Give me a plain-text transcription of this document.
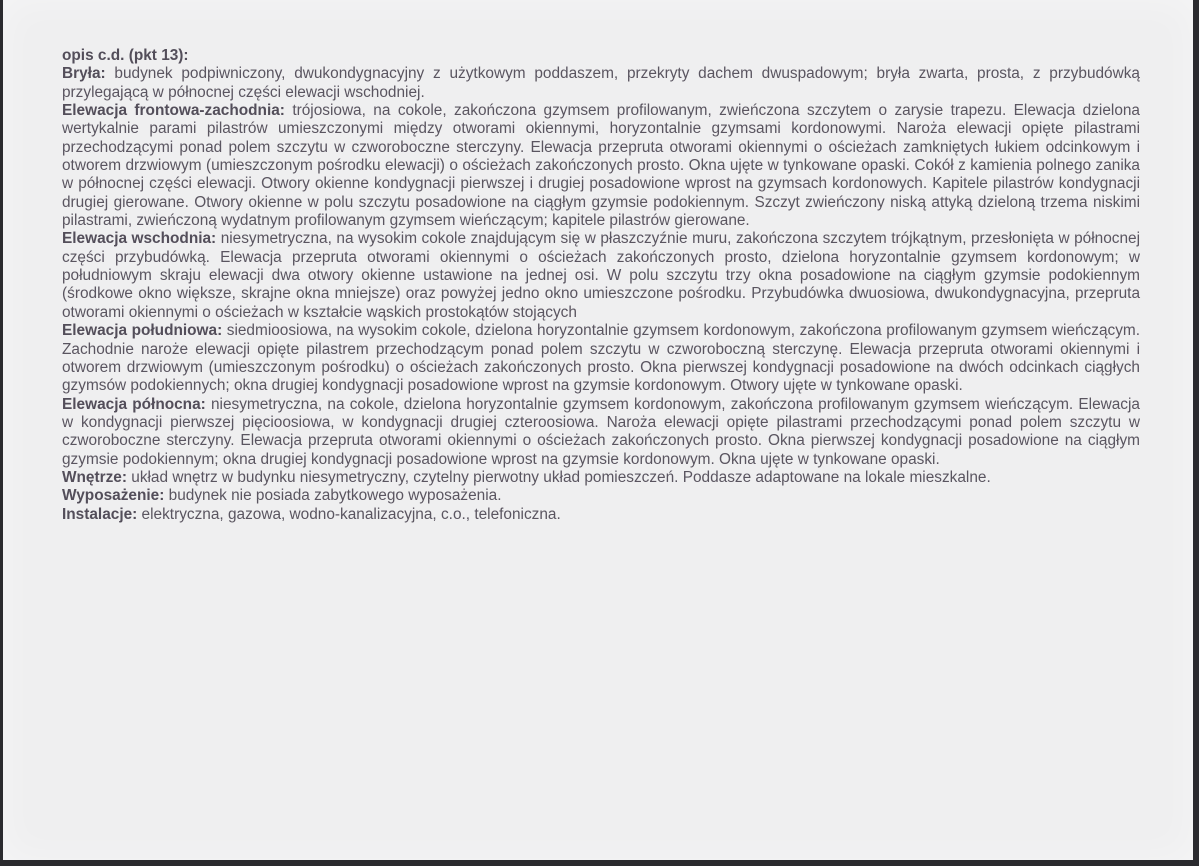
opis c.d. (pkt 13):

Bryła: budynek podpiwniczony, dwukondygnacyjny z użytkowym poddaszem, przekryty dachem dwuspadowym; bryła zwarta, prosta, z przybudówką przylegającą w północnej części elewacji wschodniej.

Elewacja frontowa-zachodnia: trójosiowa, na cokole, zakończona gzymsem profilowanym, zwieńczona szczytem o zarysie trapezu. Elewacja dzielona wertykalnie parami pilastrów umieszczonymi między otworami okiennymi, horyzontalnie gzymsami kordonowymi. Naroża elewacji opięte pilastrami przechodzącymi ponad polem szczytu w czworoboczne sterczyny. Elewacja przepruta otworami okiennymi o ościeżach zamkniętych łukiem odcinkowym i otworem drzwiowym (umieszczonym pośrodku elewacji) o ościeżach zakończonych prosto. Okna ujęte w tynkowane opaski. Cokół z kamienia polnego zanika w północnej części elewacji. Otwory okienne kondygnacji pierwszej i drugiej posadowione wprost na gzymsach kordonowych. Kapitele pilastrów kondygnacji drugiej gierowane. Otwory okienne w polu szczytu posadowione na ciągłym gzymsie podokiennym. Szczyt zwieńczony niską attyką dzieloną trzema niskimi pilastrami, zwieńczoną wydatnym profilowanym gzymsem wieńczącym; kapitele pilastrów gierowane.

Elewacja wschodnia: niesymetryczna, na wysokim cokole znajdującym się w płaszczyźnie muru, zakończona szczytem trójkątnym, przesłonięta w północnej części przybudówką. Elewacja przepruta otworami okiennymi o ościeżach zakończonych prosto, dzielona horyzontalnie gzymsem kordonowym; w południowym skraju elewacji dwa otwory okienne ustawione na jednej osi. W polu szczytu trzy okna posadowione na ciągłym gzymsie podokiennym (środkowe okno większe, skrajne okna mniejsze) oraz powyżej jedno okno umieszczone pośrodku. Przybudówka dwuosiowa, dwukondygnacyjna, przepruta otworami okiennymi o ościeżach w kształcie wąskich prostokątów stojących

Elewacja południowa: siedmioosiowa, na wysokim cokole, dzielona horyzontalnie gzymsem kordonowym, zakończona profilowanym gzymsem wieńczącym. Zachodnie naroże elewacji opięte pilastrem przechodzącym ponad polem szczytu w czworoboczną sterczynę. Elewacja przepruta otworami okiennymi i otworem drzwiowym (umieszczonym pośrodku) o ościeżach zakończonych prosto. Okna pierwszej kondygnacji posadowione na dwóch odcinkach ciągłych gzymsów podokiennych; okna drugiej kondygnacji posadowione wprost na gzymsie kordonowym. Otwory ujęte w tynkowane opaski.

Elewacja północna: niesymetryczna, na cokole, dzielona horyzontalnie gzymsem kordonowym, zakończona profilowanym gzymsem wieńczącym. Elewacja w kondygnacji pierwszej pięcioosiowa, w kondygnacji drugiej czteroosiowa. Naroża elewacji opięte pilastrami przechodzącymi ponad polem szczytu w czworoboczne sterczyny. Elewacja przepruta otworami okiennymi o ościeżach zakończonych prosto. Okna pierwszej kondygnacji posadowione na ciągłym gzymsie podokiennym; okna drugiej kondygnacji posadowione wprost na gzymsie kordonowym. Okna ujęte w tynkowane opaski.

Wnętrze: układ wnętrz w budynku niesymetryczny, czytelny pierwotny układ pomieszczeń. Poddasze adaptowane na lokale mieszkalne.

Wyposażenie: budynek nie posiada zabytkowego wyposażenia.

Instalacje: elektryczna, gazowa, wodno-kanalizacyjna, c.o., telefoniczna.
